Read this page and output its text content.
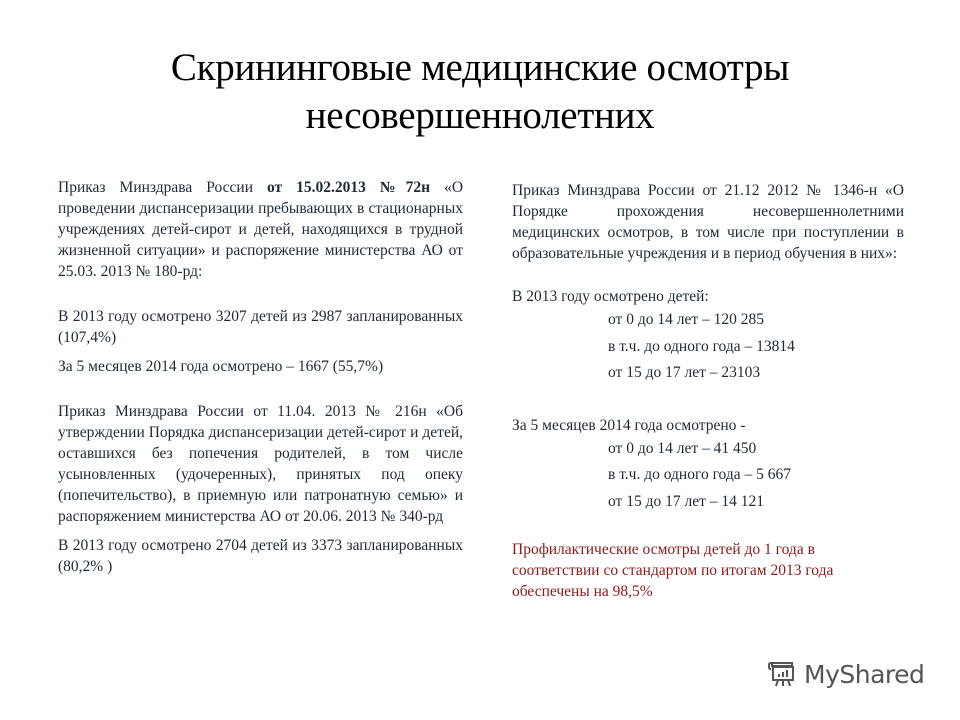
Скрининговые медицинские осмотры
несовершеннолетних

Приказ Минздрава России от 15.02.2013 №72н «О проведении диспансеризации пребывающих в стационарных учреждениях детей-сирот и детей, находящихся в трудной жизненной ситуации» и распоряжение министерства АО от 25.03. 2013 № 180-рд:

В 2013 году осмотрено 3207 детей из 2987 запланированных (107,4%)

За 5 месяцев 2014 года осмотрено – 1667 (55,7%)

Приказ Минздрава России от 11.04. 2013 № 216н «Об утверждении Порядка диспансеризации детей-сирот и детей, оставшихся без попечения родителей, в том числе усыновленных (удочеренных), принятых под опеку (попечительство), в приемную или патронатную семью» и распоряжением министерства АО от 20.06. 2013 № 340-рд

В 2013 году осмотрено 2704 детей из 3373 запланированных (80,2% )

Приказ Минздрава России от 21.12 2012 № 1346-н «О Порядке прохождения несовершеннолетними медицинских осмотров, в том числе при поступлении в образовательные учреждения и в период обучения в них»:

В 2013 году осмотрено детей:

от 0 до 14 лет – 120 285
в т.ч. до одного года – 13814
от 15 до 17 лет – 23103

За 5 месяцев 2014 года осмотрено -

от 0 до 14 лет – 41 450
в т.ч. до одного года – 5 667
от 15 до 17 лет – 14 121

Профилактические осмотры детей до 1 года в соответствии со стандартом по итогам 2013 года обеспечены на 98,5%

MyShared
